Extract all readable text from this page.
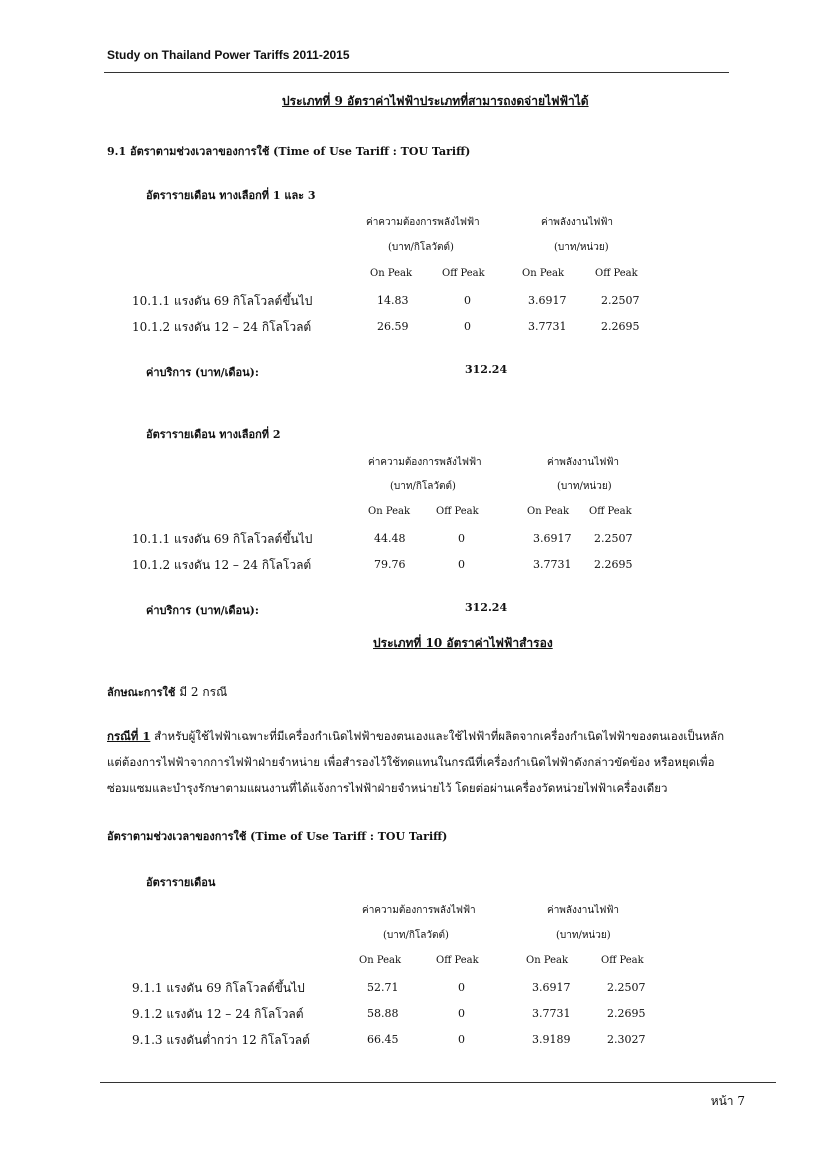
Study on Thailand Power Tariffs 2011-2015
ประเภทที่ 9 อัตราค่าไฟฟ้าประเภทที่สามารถงดจ่ายไฟฟ้าได้
9.1 อัตราตามช่วงเวลาของการใช้ (Time of Use Tariff : TOU Tariff)
อัตรารายเดือน ทางเลือกที่ 1 และ 3
ค่าความต้องการพลังไฟฟ้า	ค่าพลังงานไฟฟ้า
(บาท/กิโลวัตต์)	(บาท/หน่วย)
On Peak	Off Peak	On Peak	Off Peak
10.1.1 แรงดัน 69 กิโลโวลต์ขึ้นไป	14.83	0	3.6917	2.2507
10.1.2 แรงดัน 12 – 24 กิโลโวลต์	26.59	0	3.7731	2.2695
ค่าบริการ (บาท/เดือน):	312.24
อัตรารายเดือน ทางเลือกที่ 2
ค่าความต้องการพลังไฟฟ้า	ค่าพลังงานไฟฟ้า
(บาท/กิโลวัตต์)	(บาท/หน่วย)
On Peak	Off Peak	On Peak Off Peak
10.1.1 แรงดัน 69 กิโลโวลต์ขึ้นไป	44.48	0	3.6917 2.2507
10.1.2 แรงดัน 12 – 24 กิโลโวลต์	79.76	0	3.7731 2.2695
ค่าบริการ (บาท/เดือน):	312.24
ประเภทที่ 10 อัตราค่าไฟฟ้าสำรอง
ลักษณะการใช้ มี 2 กรณี
กรณีที่ 1 สำหรับผู้ใช้ไฟฟ้าเฉพาะที่มีเครื่องกำเนิดไฟฟ้าของตนเองและใช้ไฟฟ้าที่ผลิตจากเครื่องกำเนิดไฟฟ้าของตนเองเป็นหลัก
แต่ต้องการไฟฟ้าจากการไฟฟ้าฝ่ายจำหน่าย เพื่อสำรองไว้ใช้ทดแทนในกรณีที่เครื่องกำเนิดไฟฟ้าดังกล่าวขัดข้อง หรือหยุดเพื่อ
ซ่อมแซมและบำรุงรักษาตามแผนงานที่ได้แจ้งการไฟฟ้าฝ่ายจำหน่ายไว้ โดยต่อผ่านเครื่องวัดหน่วยไฟฟ้าเครื่องเดียว
อัตราตามช่วงเวลาของการใช้ (Time of Use Tariff : TOU Tariff)
อัตรารายเดือน
ค่าความต้องการพลังไฟฟ้า	ค่าพลังงานไฟฟ้า
(บาท/กิโลวัตต์)	(บาท/หน่วย)
On Peak	Off Peak	On Peak	Off Peak
9.1.1 แรงดัน 69 กิโลโวลต์ขึ้นไป	52.71	0	3.6917	2.2507
9.1.2 แรงดัน 12 – 24 กิโลโวลต์	58.88	0	3.7731	2.2695
9.1.3 แรงดันต่ำกว่า 12 กิโลโวลต์	66.45	0	3.9189	2.3027
หน้า 7
